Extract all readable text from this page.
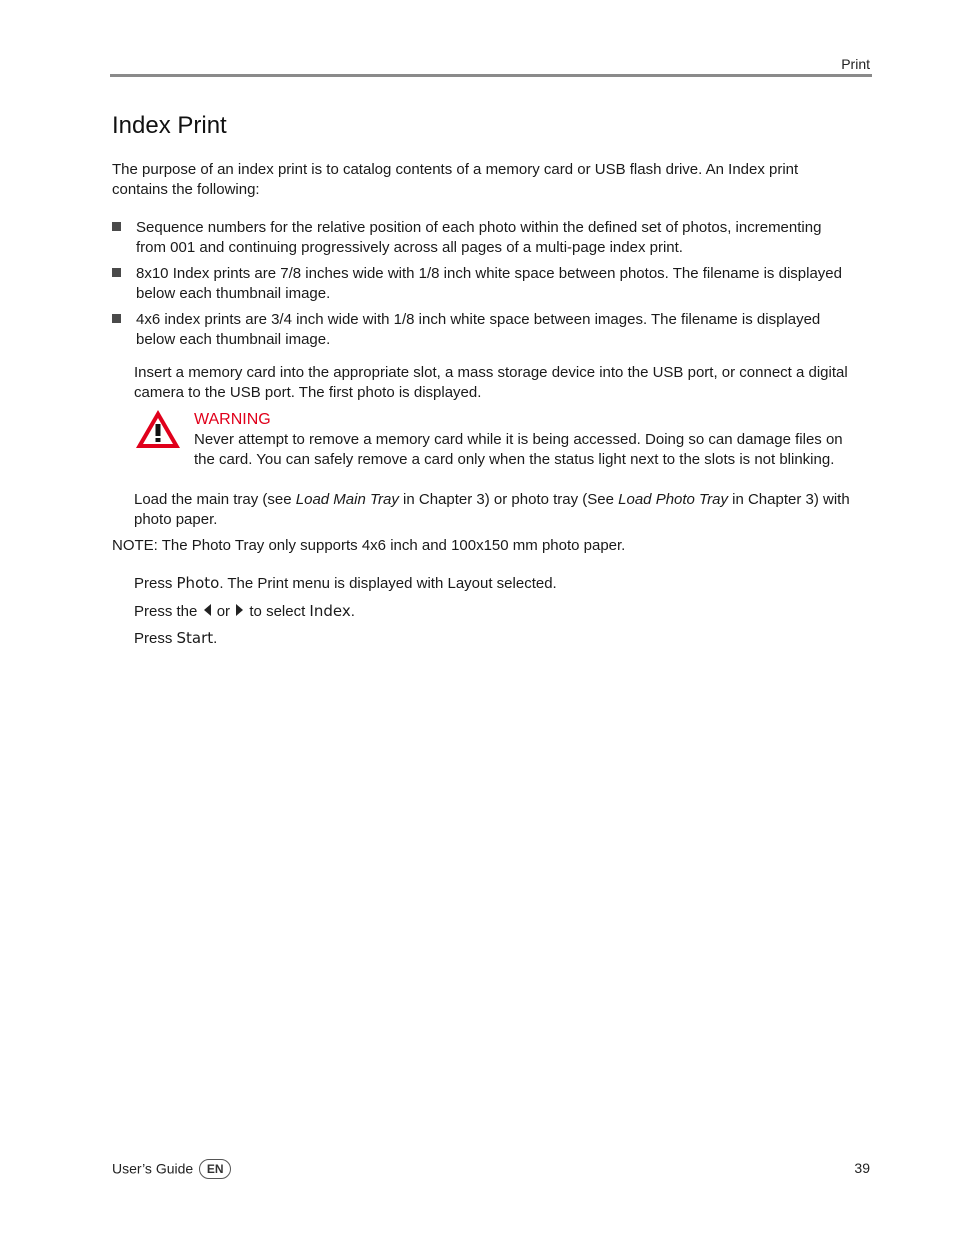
Print
Index Print
The purpose of an index print is to catalog contents of a memory card or USB flash drive. An Index print contains the following:
Sequence numbers for the relative position of each photo within the defined set of photos, incrementing from 001 and continuing progressively across all pages of a multi-page index print.
8x10 Index prints are 7/8 inches wide with 1/8 inch white space between photos. The filename is displayed below each thumbnail image.
4x6 index prints are 3/4 inch wide with 1/8 inch white space between images. The filename is displayed below each thumbnail image.
Insert a memory card into the appropriate slot, a mass storage device into the USB port, or connect a digital camera to the USB port. The first photo is displayed.
WARNING
Never attempt to remove a memory card while it is being accessed. Doing so can damage files on the card. You can safely remove a card only when the status light next to the slots is not blinking.
Load the main tray (see Load Main Tray in Chapter 3) or photo tray (See Load Photo Tray in Chapter 3) with photo paper.
NOTE: The Photo Tray only supports 4x6 inch and 100x150 mm photo paper.
Press Photo. The Print menu is displayed with Layout selected.
Press the  or  to select Index.
Press Start.
User’s Guide EN	39
